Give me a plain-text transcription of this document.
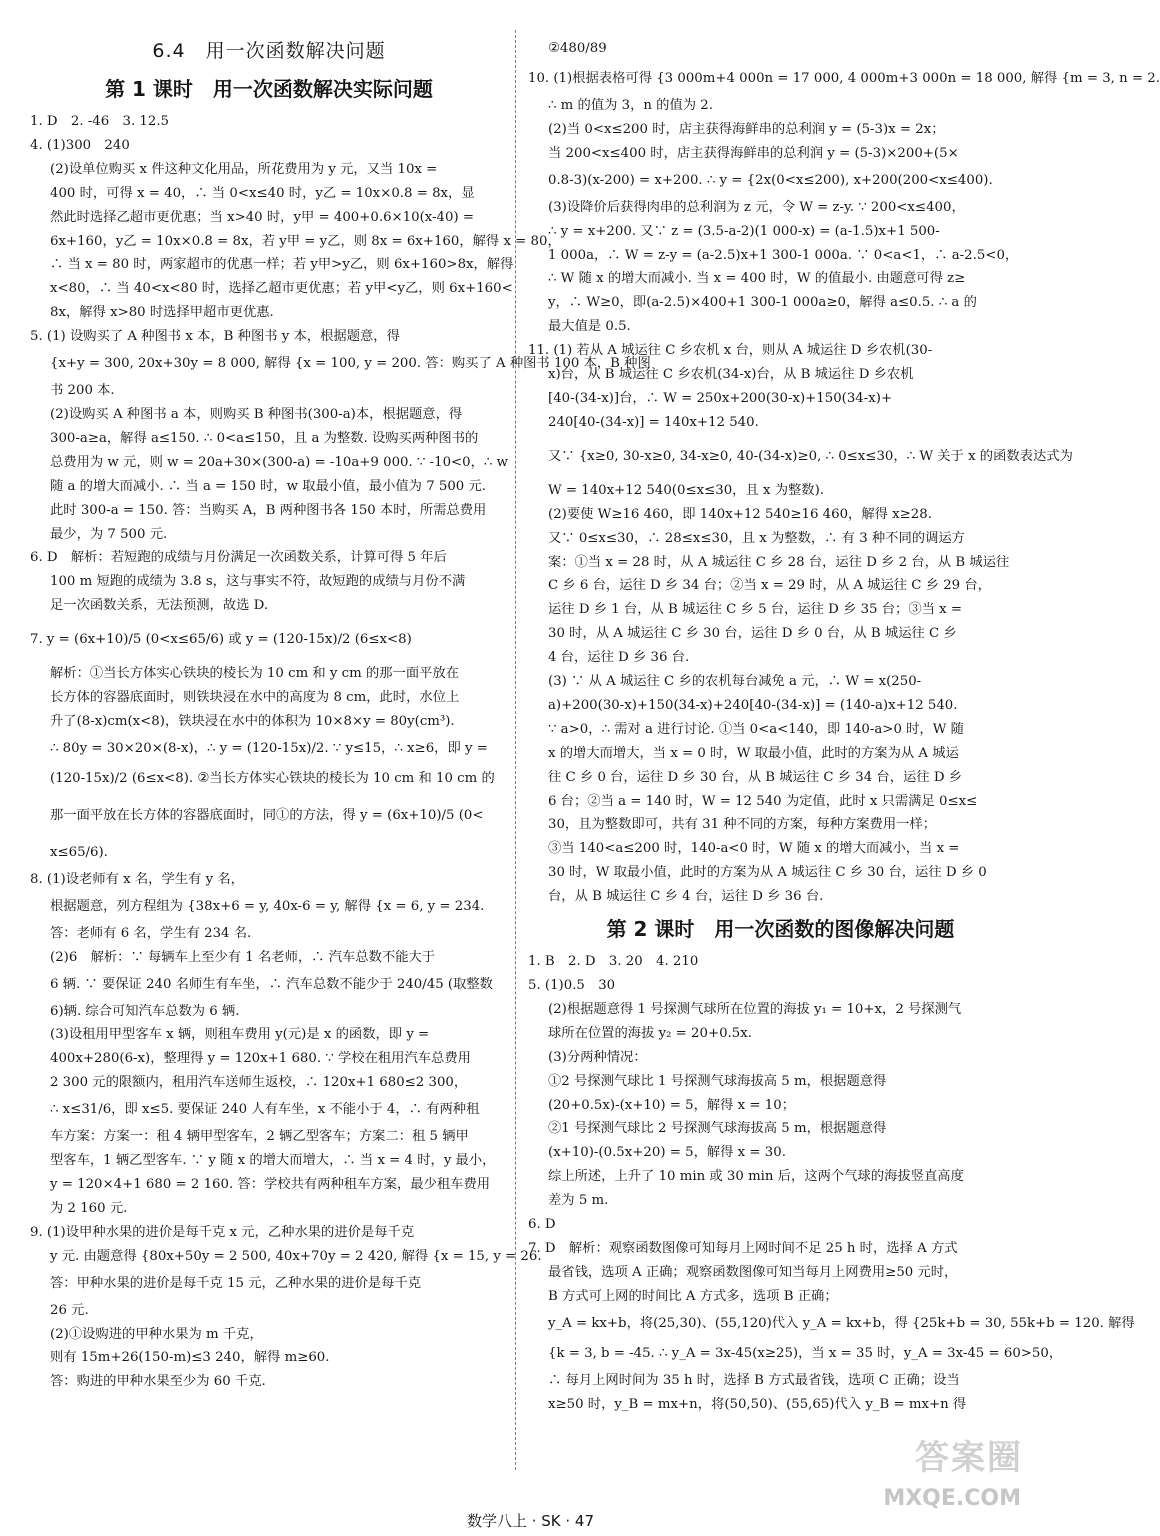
6.4　用一次函数解决问题
第 1 课时　用一次函数解决实际问题
1. D　2. -46　3. 12.5
4. (1)300　240
(2)设单位购买 x 件这种文化用品，所花费用为 y 元，又当 10x =
400 时，可得 x = 40，∴ 当 0<x≤40 时，y乙 = 10x×0.8 = 8x，显
然此时选择乙超市更优惠；当 x>40 时，y甲 = 400+0.6×10(x-40) =
6x+160，y乙 = 10x×0.8 = 8x，若 y甲 = y乙，则 8x = 6x+160，解得 x = 80，
∴ 当 x = 80 时，两家超市的优惠一样；若 y甲>y乙，则 6x+160>8x，解得
x<80，∴ 当 40<x<80 时，选择乙超市更优惠；若 y甲<y乙，则 6x+160<
8x，解得 x>80 时选择甲超市更优惠.
5. (1) 设购买了 A 种图书 x 本，B 种图书 y 本，根据题意，得
{x+y = 300, 20x+30y = 8 000, 解得 {x = 100, y = 200. 答：购买了 A 种图书 100 本，B 种图
书 200 本.
(2)设购买 A 种图书 a 本，则购买 B 种图书(300-a)本，根据题意，得
300-a≥a，解得 a≤150. ∴ 0<a≤150，且 a 为整数. 设购买两种图书的
总费用为 w 元，则 w = 20a+30×(300-a) = -10a+9 000. ∵ -10<0，∴ w
随 a 的增大而减小. ∴ 当 a = 150 时，w 取最小值，最小值为 7 500 元.
此时 300-a = 150. 答：当购买 A，B 两种图书各 150 本时，所需总费用
最少，为 7 500 元.
6. D　解析：若短跑的成绩与月份满足一次函数关系，计算可得 5 年后
100 m 短跑的成绩为 3.8 s，这与事实不符，故短跑的成绩与月份不满
足一次函数关系，无法预测，故选 D.
7. y = (6x+10)/5 (0<x≤65/6) 或 y = (120-15x)/2 (6≤x<8)
解析：①当长方体实心铁块的棱长为 10 cm 和 y cm 的那一面平放在
长方体的容器底面时，则铁块浸在水中的高度为 8 cm，此时，水位上
升了(8-x)cm(x<8)，铁块浸在水中的体积为 10×8×y = 80y(cm³).
∴ 80y = 30×20×(8-x)，∴ y = (120-15x)/2. ∵ y≤15，∴ x≥6，即 y =
(120-15x)/2 (6≤x<8). ②当长方体实心铁块的棱长为 10 cm 和 10 cm 的
那一面平放在长方体的容器底面时，同①的方法，得 y = (6x+10)/5 (0<
x≤65/6).
8. (1)设老师有 x 名，学生有 y 名，
根据题意，列方程组为 {38x+6 = y, 40x-6 = y, 解得 {x = 6, y = 234.
答：老师有 6 名，学生有 234 名.
(2)6　解析：∵ 每辆车上至少有 1 名老师，∴ 汽车总数不能大于
6 辆. ∵ 要保证 240 名师生有车坐，∴ 汽车总数不能少于 240/45 (取整数
6)辆. 综合可知汽车总数为 6 辆.
(3)设租用甲型客车 x 辆，则租车费用 y(元)是 x 的函数，即 y =
400x+280(6-x)，整理得 y = 120x+1 680. ∵ 学校在租用汽车总费用
2 300 元的限额内，租用汽车送师生返校，∴ 120x+1 680≤2 300，
∴ x≤31/6，即 x≤5. 要保证 240 人有车坐，x 不能小于 4，∴ 有两种租
车方案：方案一：租 4 辆甲型客车，2 辆乙型客车；方案二：租 5 辆甲
型客车，1 辆乙型客车. ∵ y 随 x 的增大而增大，∴ 当 x = 4 时，y 最小，
y = 120×4+1 680 = 2 160. 答：学校共有两种租车方案，最少租车费用
为 2 160 元.
9. (1)设甲种水果的进价是每千克 x 元，乙种水果的进价是每千克
y 元. 由题意得 {80x+50y = 2 500, 40x+70y = 2 420, 解得 {x = 15, y = 26.
答：甲种水果的进价是每千克 15 元，乙种水果的进价是每千克
26 元.
(2)①设购进的甲种水果为 m 千克，
则有 15m+26(150-m)≤3 240，解得 m≥60.
答：购进的甲种水果至少为 60 千克.
②480/89
10. (1)根据表格可得 {3 000m+4 000n = 17 000, 4 000m+3 000n = 18 000, 解得 {m = 3, n = 2.
∴ m 的值为 3，n 的值为 2.
(2)当 0<x≤200 时，店主获得海鲜串的总利润 y = (5-3)x = 2x；
当 200<x≤400 时，店主获得海鲜串的总利润 y = (5-3)×200+(5×
0.8-3)(x-200) = x+200. ∴ y = {2x(0<x≤200), x+200(200<x≤400).
(3)设降价后获得肉串的总利润为 z 元，令 W = z-y. ∵ 200<x≤400，
∴ y = x+200. 又∵ z = (3.5-a-2)(1 000-x) = (a-1.5)x+1 500-
1 000a，∴ W = z-y = (a-2.5)x+1 300-1 000a. ∵ 0<a<1，∴ a-2.5<0，
∴ W 随 x 的增大而减小. 当 x = 400 时，W 的值最小. 由题意可得 z≥
y，∴ W≥0，即(a-2.5)×400+1 300-1 000a≥0，解得 a≤0.5. ∴ a 的
最大值是 0.5.
11. (1) 若从 A 城运往 C 乡农机 x 台，则从 A 城运往 D 乡农机(30-
x)台，从 B 城运往 C 乡农机(34-x)台，从 B 城运往 D 乡农机
[40-(34-x)]台，∴ W = 250x+200(30-x)+150(34-x)+
240[40-(34-x)] = 140x+12 540.
又∵ {x≥0, 30-x≥0, 34-x≥0, 40-(34-x)≥0, ∴ 0≤x≤30，∴ W 关于 x 的函数表达式为
W = 140x+12 540(0≤x≤30，且 x 为整数).
(2)要使 W≥16 460，即 140x+12 540≥16 460，解得 x≥28.
又∵ 0≤x≤30，∴ 28≤x≤30，且 x 为整数，∴ 有 3 种不同的调运方
案：①当 x = 28 时，从 A 城运往 C 乡 28 台，运往 D 乡 2 台，从 B 城运往
C 乡 6 台，运往 D 乡 34 台；②当 x = 29 时，从 A 城运往 C 乡 29 台，
运往 D 乡 1 台，从 B 城运往 C 乡 5 台，运往 D 乡 35 台；③当 x =
30 时，从 A 城运往 C 乡 30 台，运往 D 乡 0 台，从 B 城运往 C 乡
4 台，运往 D 乡 36 台.
(3) ∵ 从 A 城运往 C 乡的农机每台减免 a 元，∴ W = x(250-
a)+200(30-x)+150(34-x)+240[40-(34-x)] = (140-a)x+12 540.
∵ a>0，∴ 需对 a 进行讨论. ①当 0<a<140，即 140-a>0 时，W 随
x 的增大而增大，当 x = 0 时，W 取最小值，此时的方案为从 A 城运
往 C 乡 0 台，运往 D 乡 30 台，从 B 城运往 C 乡 34 台，运往 D 乡
6 台；②当 a = 140 时，W = 12 540 为定值，此时 x 只需满足 0≤x≤
30，且为整数即可，共有 31 种不同的方案，每种方案费用一样；
③当 140<a≤200 时，140-a<0 时，W 随 x 的增大而减小，当 x =
30 时，W 取最小值，此时的方案为从 A 城运往 C 乡 30 台，运往 D 乡 0
台，从 B 城运往 C 乡 4 台，运往 D 乡 36 台.
第 2 课时　用一次函数的图像解决问题
1. B　2. D　3. 20　4. 210
5. (1)0.5　30
(2)根据题意得 1 号探测气球所在位置的海拔 y₁ = 10+x，2 号探测气
球所在位置的海拔 y₂ = 20+0.5x.
(3)分两种情况：
①2 号探测气球比 1 号探测气球海拔高 5 m，根据题意得
(20+0.5x)-(x+10) = 5，解得 x = 10；
②1 号探测气球比 2 号探测气球海拔高 5 m，根据题意得
(x+10)-(0.5x+20) = 5，解得 x = 30.
综上所述，上升了 10 min 或 30 min 后，这两个气球的海拔竖直高度
差为 5 m.
6. D
7. D　解析：观察函数图像可知每月上网时间不足 25 h 时，选择 A 方式
最省钱，选项 A 正确；观察函数图像可知当每月上网费用≥50 元时，
B 方式可上网的时间比 A 方式多，选项 B 正确；
y_A = kx+b，将(25,30)、(55,120)代入 y_A = kx+b，得 {25k+b = 30, 55k+b = 120. 解得
{k = 3, b = -45. ∴ y_A = 3x-45(x≥25)，当 x = 35 时，y_A = 3x-45 = 60>50，
∴ 每月上网时间为 35 h 时，选择 B 方式最省钱，选项 C 正确；设当
x≥50 时，y_B = mx+n，将(50,50)、(55,65)代入 y_B = mx+n 得
数学八上 · SK · 47
答案圈
MXQE.COM
